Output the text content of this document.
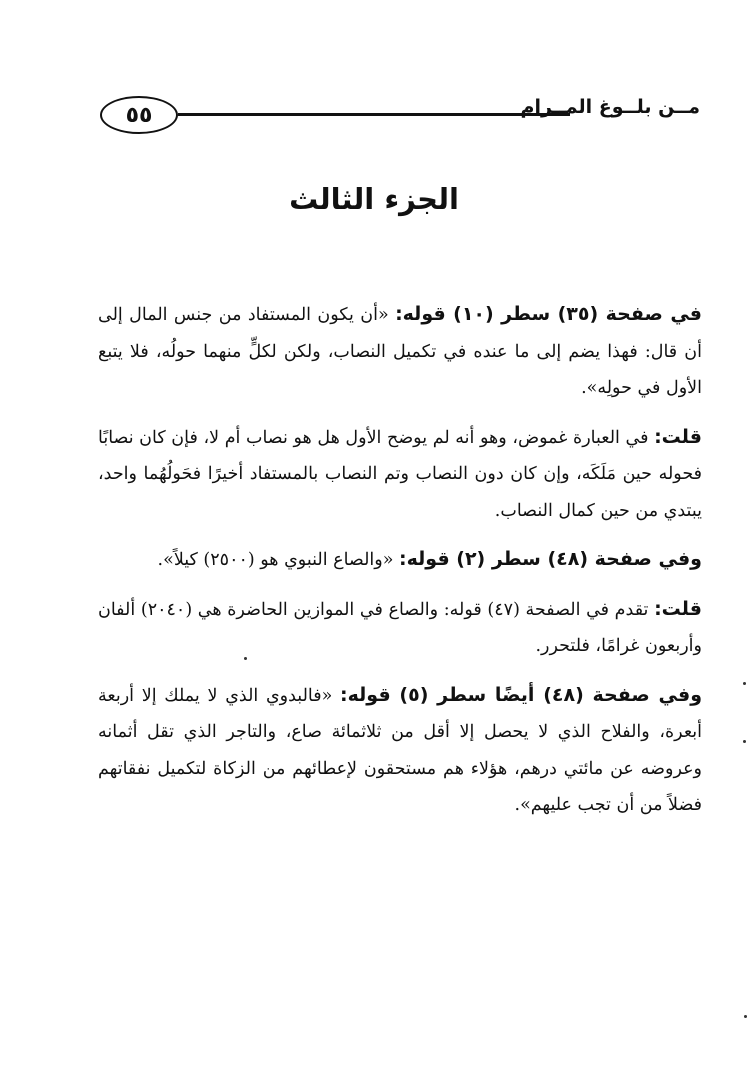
٥٥	مــن بلــوغ المــرام
الجزء الثالث

في صفحة (٣٥) سطر (١٠) قوله: «أن يكون المستفاد من جنس المال إلى أن قال: فهذا يضم إلى ما عنده في تكميل النصاب، ولكن لكلٍّ منهما حولُه، فلا يتبع الأول في حولِه».

قلت: في العبارة غموض، وهو أنه لم يوضح الأول هل هو نصاب أم لا، فإن كان نصابًا فحوله حين مَلَكَه، وإن كان دون النصاب وتم النصاب بالمستفاد أخيرًا فحَولُهُما واحد، يبتدي من حين كمال النصاب.

وفي صفحة (٤٨) سطر (٢) قوله: «والصاع النبوي هو (٢٥٠٠) كيلاً».

قلت: تقدم في الصفحة (٤٧) قوله: والصاع في الموازين الحاضرة هي (٢٠٤٠) ألفان وأربعون غرامًا، فلتحرر.

وفي صفحة (٤٨) أيضًا سطر (٥) قوله: «فالبدوي الذي لا يملك إلا أربعة أبعرة، والفلاح الذي لا يحصل إلا أقل من ثلاثمائة صاع، والتاجر الذي تقل أثمانه وعروضه عن مائتي درهم، هؤلاء هم مستحقون لإعطائهم من الزكاة لتكميل نفقاتهم فضلاً من أن تجب عليهم».
